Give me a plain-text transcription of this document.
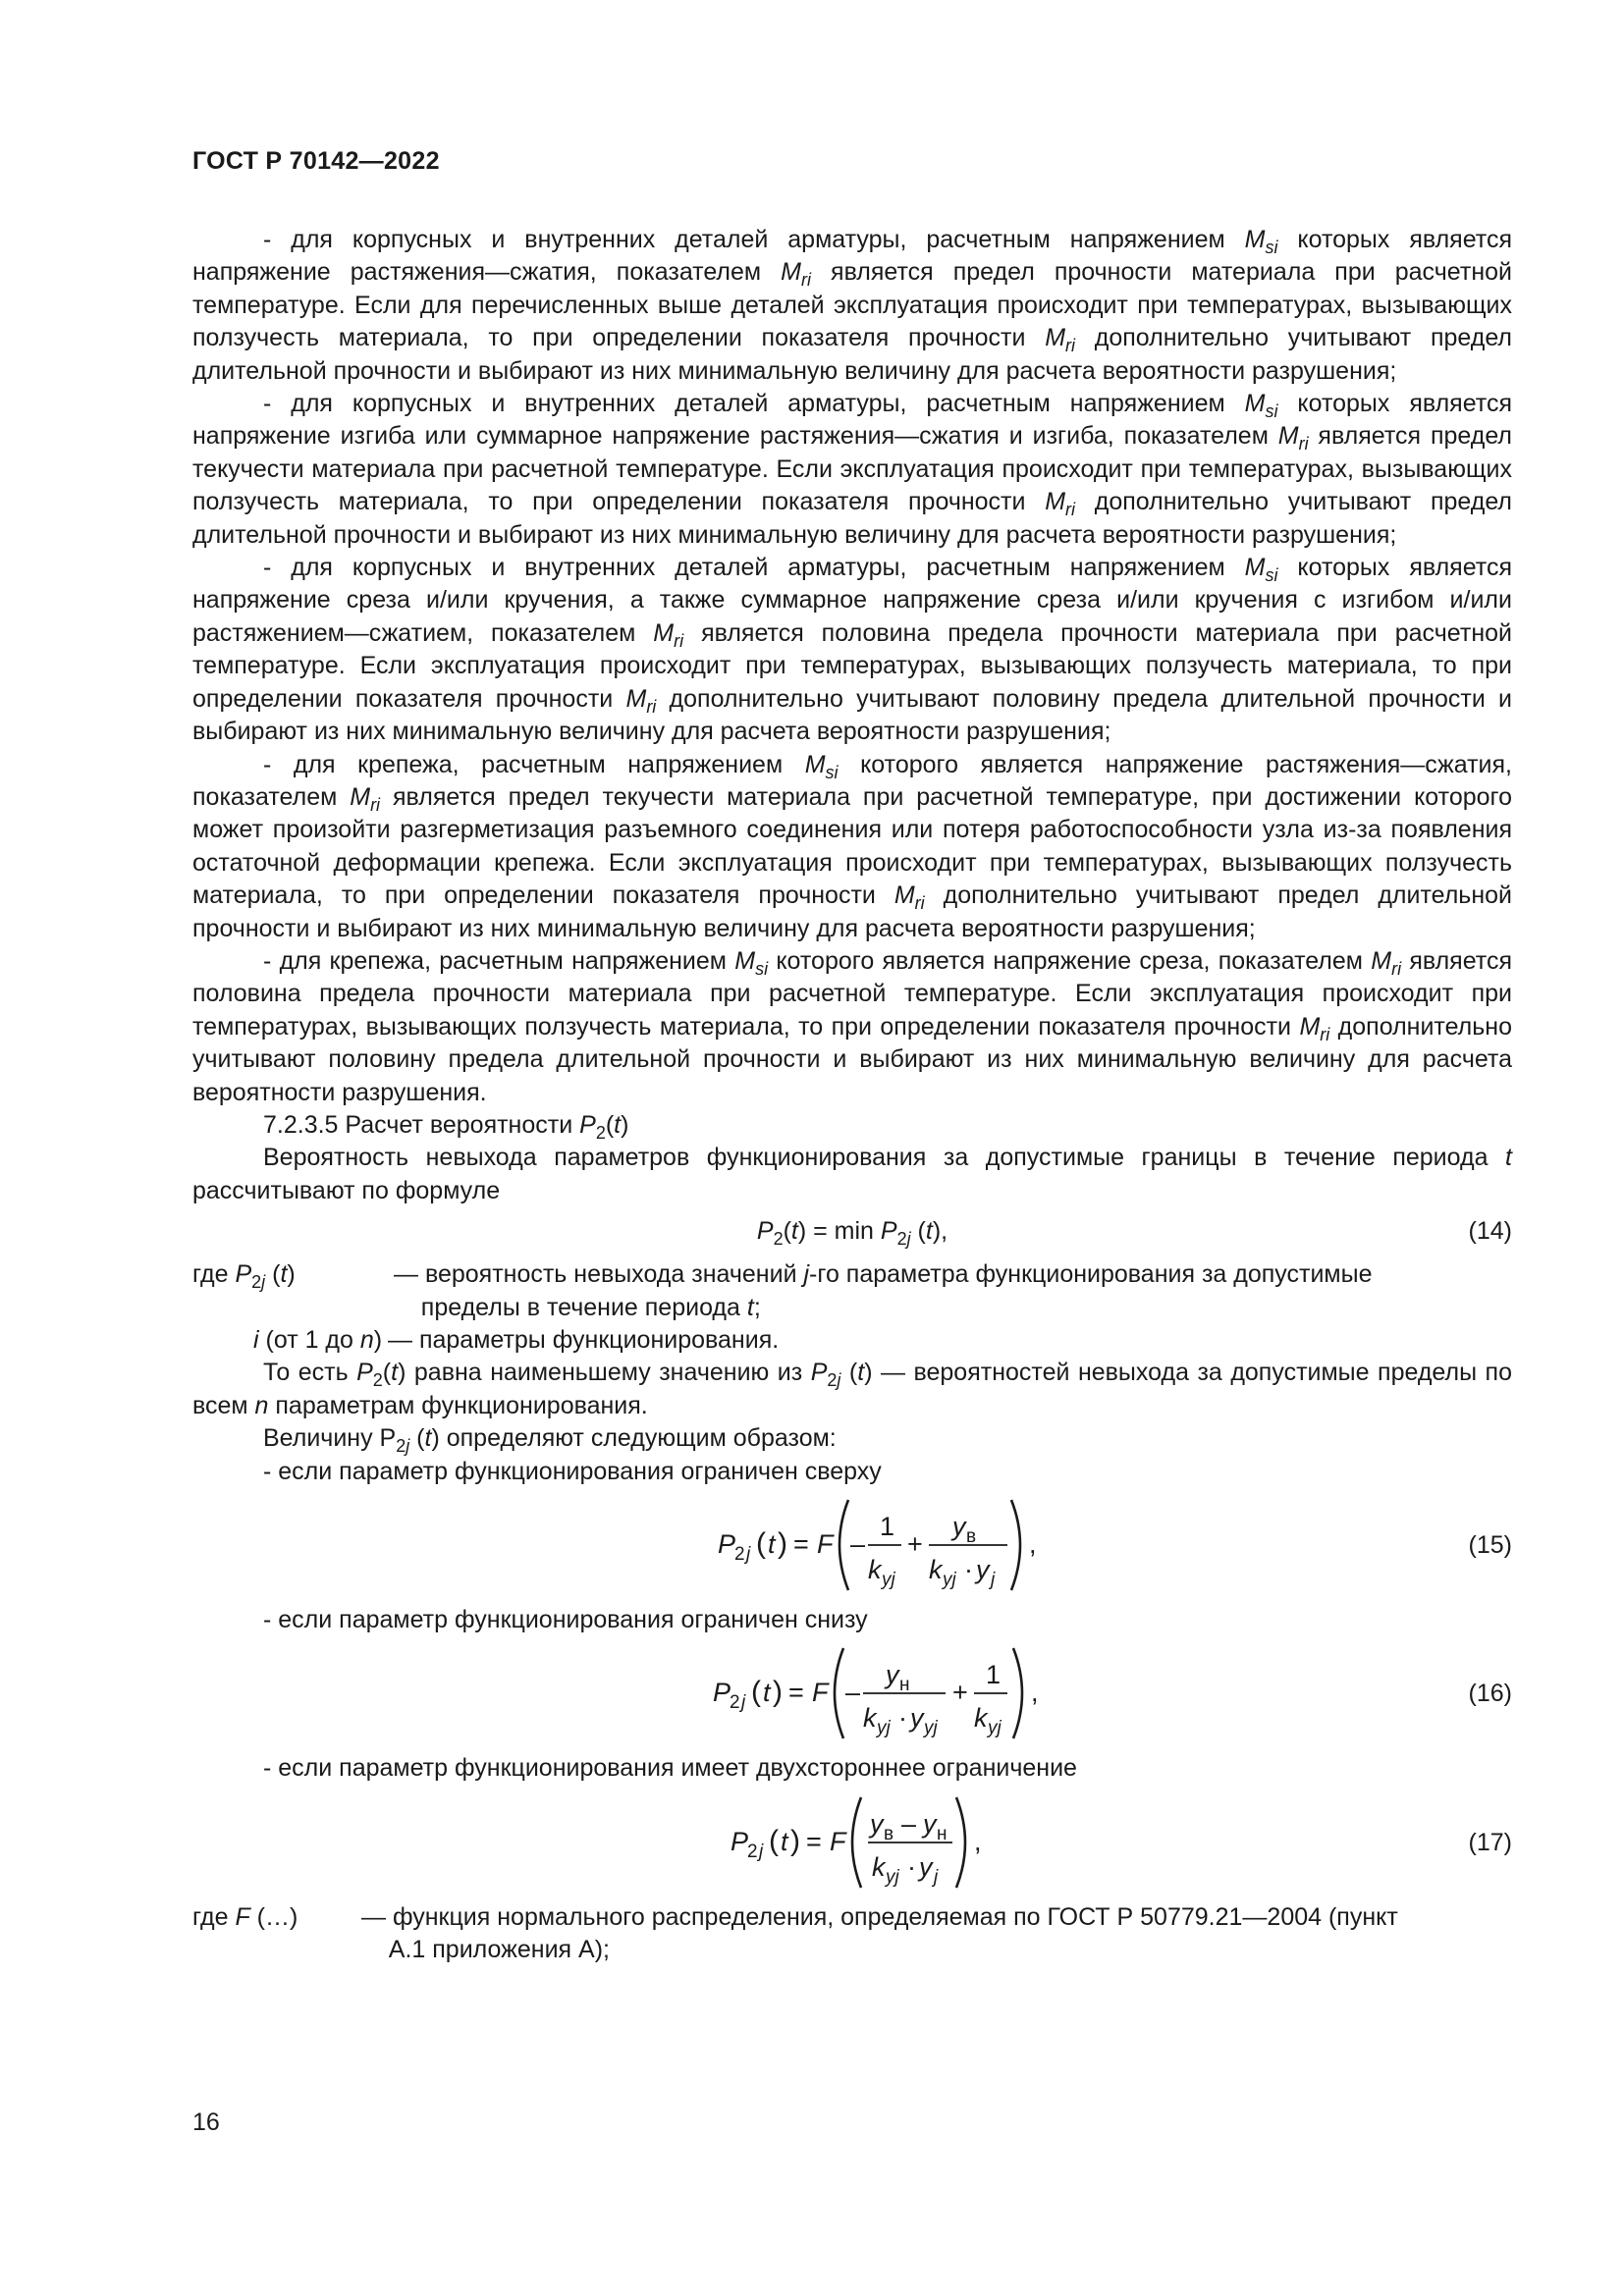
ГОСТ Р 70142—2022

- для корпусных и внутренних деталей арматуры, расчетным напряжением $M_{si}$ которых является напряжение растяжения—сжатия, показателем $M_{ri}$ является предел прочности материала при расчетной температуре. Если для перечисленных выше деталей эксплуатация происходит при температурах, вызывающих ползучесть материала, то при определении показателя прочности $M_{ri}$ дополнительно учитывают предел длительной прочности и выбирают из них минимальную величину для расчета вероятности разрушения;

- для корпусных и внутренних деталей арматуры, расчетным напряжением $M_{si}$ которых является напряжение изгиба или суммарное напряжение растяжения—сжатия и изгиба, показателем $M_{ri}$ является предел текучести материала при расчетной температуре. Если эксплуатация происходит при температурах, вызывающих ползучесть материала, то при определении показателя прочности $M_{ri}$ дополнительно учитывают предел длительной прочности и выбирают из них минимальную величину для расчета вероятности разрушения;

- для корпусных и внутренних деталей арматуры, расчетным напряжением $M_{si}$ которых является напряжение среза и/или кручения, а также суммарное напряжение среза и/или кручения с изгибом и/или растяжением—сжатием, показателем $M_{ri}$ является половина предела прочности материала при расчетной температуре. Если эксплуатация происходит при температурах, вызывающих ползучесть материала, то при определении показателя прочности $M_{ri}$ дополнительно учитывают половину предела длительной прочности и выбирают из них минимальную величину для расчета вероятности разрушения;

- для крепежа, расчетным напряжением $M_{si}$ которого является напряжение растяжения—сжатия, показателем $M_{ri}$ является предел текучести материала при расчетной температуре, при достижении которого может произойти разгерметизация разъемного соединения или потеря работоспособности узла из-за появления остаточной деформации крепежа. Если эксплуатация происходит при температурах, вызывающих ползучесть материала, то при определении показателя прочности $M_{ri}$ дополнительно учитывают предел длительной прочности и выбирают из них минимальную величину для расчета вероятности разрушения;

- для крепежа, расчетным напряжением $M_{si}$ которого является напряжение среза, показателем $M_{ri}$ является половина предела прочности материала при расчетной температуре. Если эксплуатация происходит при температурах, вызывающих ползучесть материала, то при определении показателя прочности $M_{ri}$ дополнительно учитывают половину предела длительной прочности и выбирают из них минимальную величину для расчета вероятности разрушения.

7.2.3.5 Расчет вероятности $P_2(t)$

Вероятность невыхода параметров функционирования за допустимые границы в течение периода t рассчитывают по формуле

$P_2(t) = \min P_{2j}$ (t),	(14)
где $P_{2j}$ (t)	— вероятность невыхода значений j-го параметра функционирования за допустимые
пределы в течение периода t;
i (от 1 до n) — параметры функционирования.

То есть $P_2(t)$ равна наименьшему значению из $P_{2j}$ (t) — вероятностей невыхода за допустимые пределы по всем n параметрам функционирования.

Величину $P_{2j}$ (t) определяют следующим образом:

- если параметр функционирования ограничен сверху

P
2 j ( t ) = F –
1
k yj
+
y в
k yj · y j
,	(15)

- если параметр функционирования ограничен снизу

P
2 j ( t ) = F –
y н
k yj · y yj
+
1
k yj
,	(16)

- если параметр функционирования имеет двухстороннее ограничение

P
2 j ( t ) = F
y в – y н
k yj · y j
,	(17)
где F (…)	— функция нормального распределения, определяемая по ГОСТ Р 50779.21—2004 (пункт
А.1 приложения А);
16
